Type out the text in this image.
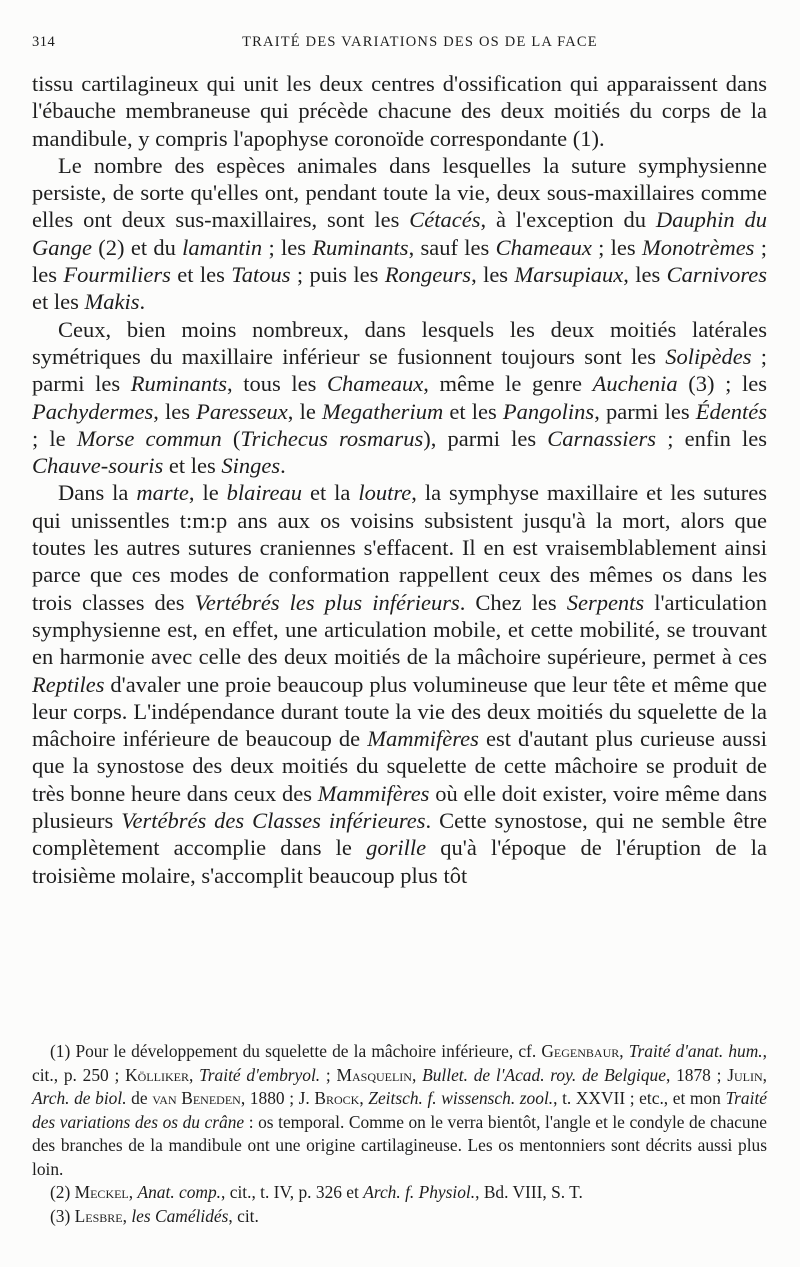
314	TRAITÉ DES VARIATIONS DES OS DE LA FACE

tissu cartilagineux qui unit les deux centres d'ossification qui apparaissent dans l'ébauche membraneuse qui précède chacune des deux moitiés du corps de la mandibule, y compris l'apophyse coronoïde correspondante (1).

Le nombre des espèces animales dans lesquelles la suture symphysienne persiste, de sorte qu'elles ont, pendant toute la vie, deux sous-maxillaires comme elles ont deux sus-maxillaires, sont les Cétacés, à l'exception du Dauphin du Gange (2) et du lamantin ; les Ruminants, sauf les Chameaux ; les Monotrèmes ; les Fourmiliers et les Tatous ; puis les Rongeurs, les Marsupiaux, les Carnivores et les Makis.

Ceux, bien moins nombreux, dans lesquels les deux moitiés latérales symétriques du maxillaire inférieur se fusionnent toujours sont les Solipèdes ; parmi les Ruminants, tous les Chameaux, même le genre Auchenia (3) ; les Pachydermes, les Paresseux, le Megatherium et les Pangolins, parmi les Édentés ; le Morse commun (Trichecus rosmarus), parmi les Carnassiers ; enfin les Chauve-souris et les Singes.

Dans la marte, le blaireau et la loutre, la symphyse maxillaire et les sutures qui unissentles t:m:p ans aux os voisins subsistent jusqu'à la mort, alors que toutes les autres sutures craniennes s'effacent. Il en est vraisemblablement ainsi parce que ces modes de conformation rappellent ceux des mêmes os dans les trois classes des Vertébrés les plus inférieurs. Chez les Serpents l'articulation symphysienne est, en effet, une articulation mobile, et cette mobilité, se trouvant en harmonie avec celle des deux moitiés de la mâchoire supérieure, permet à ces Reptiles d'avaler une proie beaucoup plus volumineuse que leur tête et même que leur corps. L'indépendance durant toute la vie des deux moitiés du squelette de la mâchoire inférieure de beaucoup de Mammifères est d'autant plus curieuse aussi que la synostose des deux moitiés du squelette de cette mâchoire se produit de très bonne heure dans ceux des Mammifères où elle doit exister, voire même dans plusieurs Vertébrés des Classes inférieures. Cette synostose, qui ne semble être complètement accomplie dans le gorille qu'à l'époque de l'éruption de la troisième molaire, s'accomplit beaucoup plus tôt

(1) Pour le développement du squelette de la mâchoire inférieure, cf. Gegenbaur, Traité d'anat. hum., cit., p. 250 ; Kölliker, Traité d'embryol. ; Masquelin, Bullet. de l'Acad. roy. de Belgique, 1878 ; Julin, Arch. de biol. de van Beneden, 1880 ; J. Brock, Zeitsch. f. wissensch. zool., t. XXVII ; etc., et mon Traité des variations des os du crâne : os temporal. Comme on le verra bientôt, l'angle et le condyle de chacune des branches de la mandibule ont une origine cartilagineuse. Les os mentonniers sont décrits aussi plus loin.

(2) Meckel, Anat. comp., cit., t. IV, p. 326 et Arch. f. Physiol., Bd. VIII, S. T.

(3) Lesbre, les Camélidés, cit.
